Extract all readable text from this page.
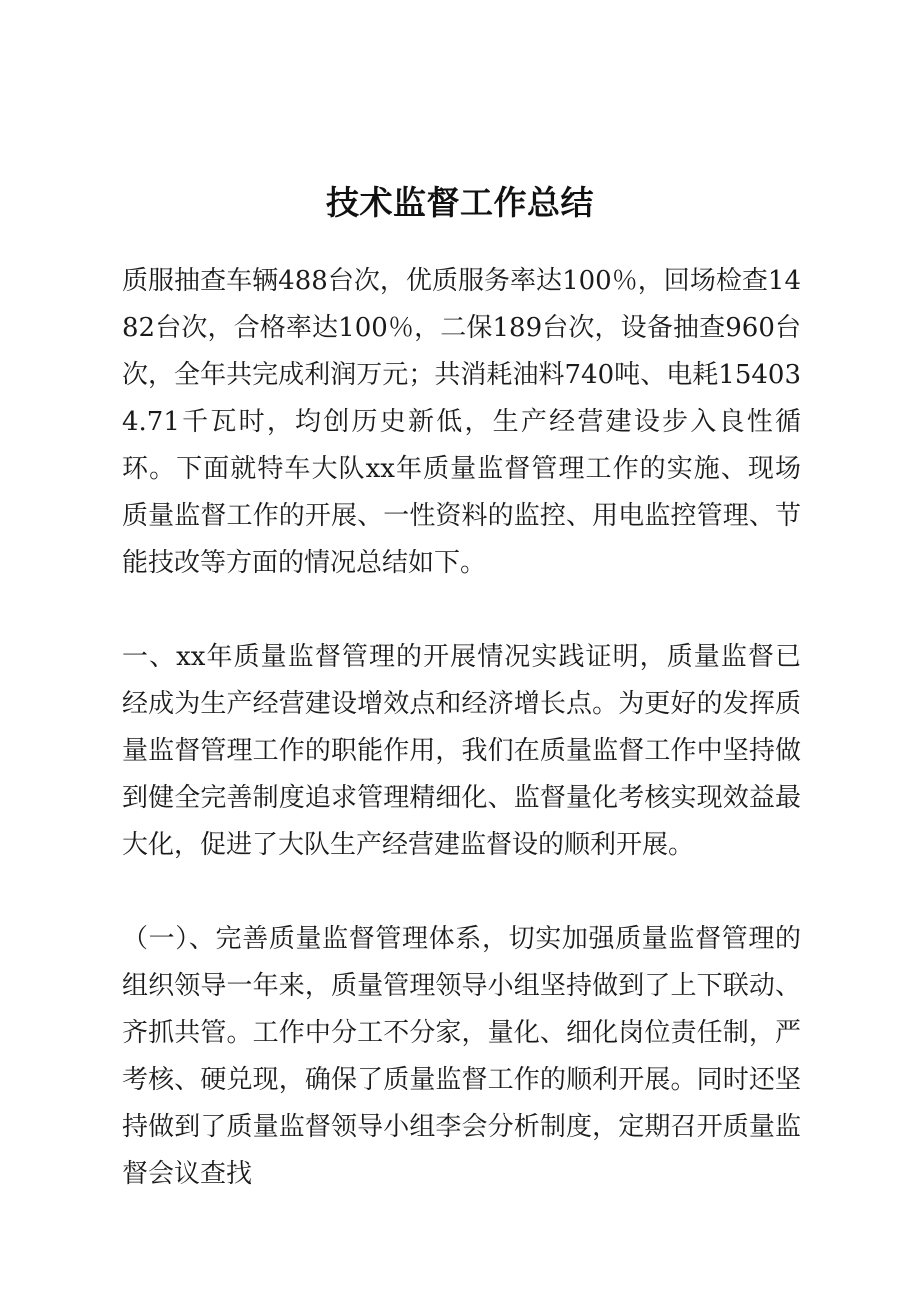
技术监督工作总结

质服抽查车辆488台次，优质服务率达100％，回场检查1482台次，合格率达100％，二保189台次，设备抽查960台次，全年共完成利润万元；共消耗油料740吨、电耗154034.71千瓦时，均创历史新低，生产经营建设步入良性循环。下面就特车大队xx年质量监督管理工作的实施、现场质量监督工作的开展、一性资料的监控、用电监控管理、节能技改等方面的情况总结如下。

一、xx年质量监督管理的开展情况实践证明，质量监督已经成为生产经营建设增效点和经济增长点。为更好的发挥质量监督管理工作的职能作用，我们在质量监督工作中坚持做到健全完善制度追求管理精细化、监督量化考核实现效益最大化，促进了大队生产经营建监督设的顺利开展。

（一）、完善质量监督管理体系，切实加强质量监督管理的组织领导一年来，质量管理领导小组坚持做到了上下联动、齐抓共管。工作中分工不分家，量化、细化岗位责任制，严考核、硬兑现，确保了质量监督工作的顺利开展。同时还坚持做到了质量监督领导小组李会分析制度，定期召开质量监督会议查找
